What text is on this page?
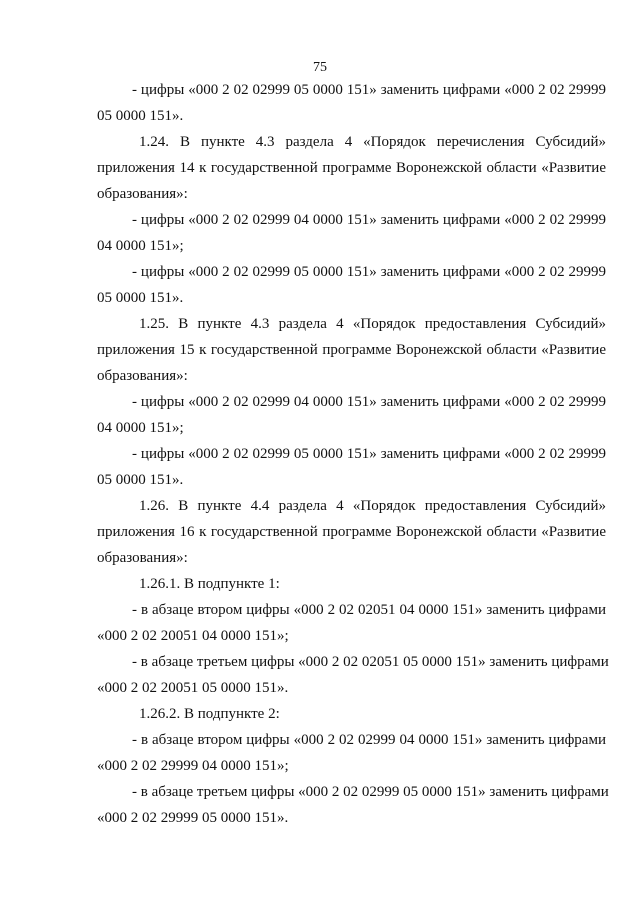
75
- цифры «000 2 02 02999 05 0000 151» заменить цифрами «000 2 02 29999
05 0000 151».
1.24. В пункте 4.3 раздела 4 «Порядок перечисления Субсидий»
приложения 14 к государственной программе Воронежской области «Развитие
образования»:
- цифры «000 2 02 02999 04 0000 151» заменить цифрами «000 2 02 29999
04 0000 151»;
- цифры «000 2 02 02999 05 0000 151» заменить цифрами «000 2 02 29999
05 0000 151».
1.25. В пункте 4.3 раздела 4 «Порядок предоставления Субсидий»
приложения 15 к государственной программе Воронежской области «Развитие
образования»:
- цифры «000 2 02 02999 04 0000 151» заменить цифрами «000 2 02 29999
04 0000 151»;
- цифры «000 2 02 02999 05 0000 151» заменить цифрами «000 2 02 29999
05 0000 151».
1.26. В пункте 4.4 раздела 4 «Порядок предоставления Субсидий»
приложения 16 к государственной программе Воронежской области «Развитие
образования»:
1.26.1. В подпункте 1:
- в абзаце втором цифры «000 2 02 02051 04 0000 151» заменить цифрами
«000 2 02 20051 04 0000 151»;
- в абзаце третьем цифры «000 2 02 02051 05 0000 151» заменить цифрами
«000 2 02 20051 05 0000 151».
1.26.2. В подпункте 2:
- в абзаце втором цифры «000 2 02 02999 04 0000 151» заменить цифрами
«000 2 02 29999 04 0000 151»;
- в абзаце третьем цифры «000 2 02 02999 05 0000 151» заменить цифрами
«000 2 02 29999 05 0000 151».
